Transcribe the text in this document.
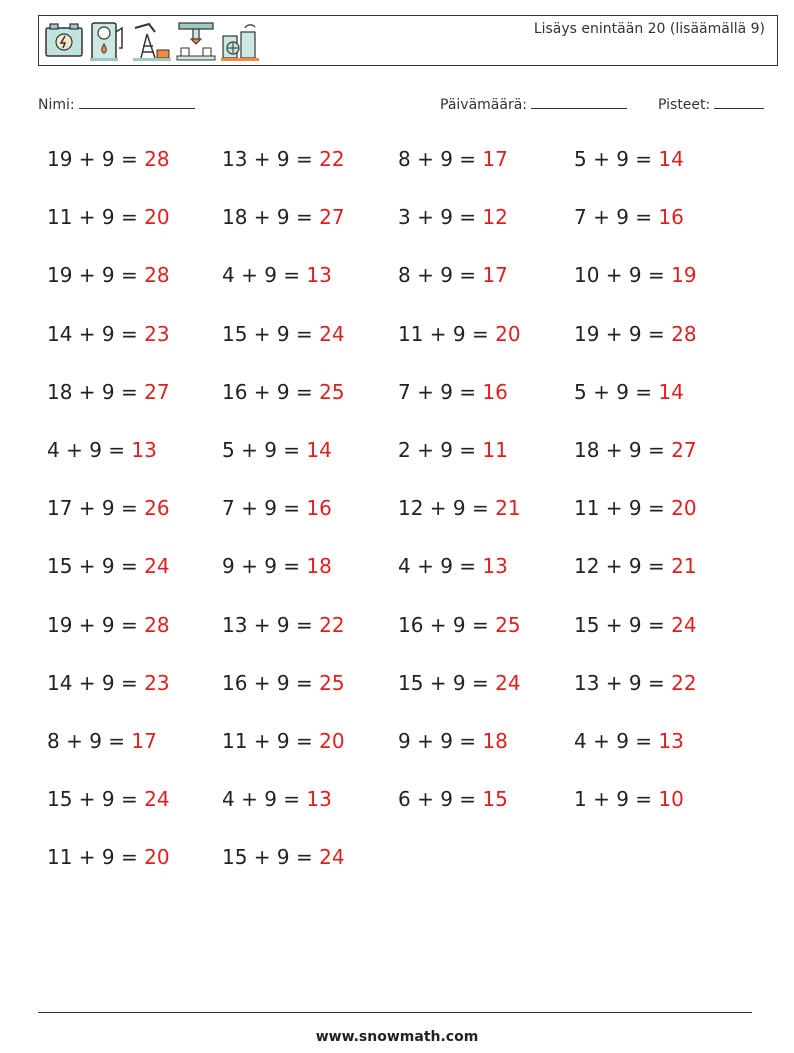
Lisäys enintään 20 (lisäämällä 9)
Nimi:	Päivämäärä:	Pisteet:
19 + 9 = 28	13 + 9 = 22	8 + 9 = 17	5 + 9 = 14
11 + 9 = 20	18 + 9 = 27	3 + 9 = 12	7 + 9 = 16
19 + 9 = 28	4 + 9 = 13	8 + 9 = 17	10 + 9 = 19
14 + 9 = 23	15 + 9 = 24	11 + 9 = 20	19 + 9 = 28
18 + 9 = 27	16 + 9 = 25	7 + 9 = 16	5 + 9 = 14
4 + 9 = 13	5 + 9 = 14	2 + 9 = 11	18 + 9 = 27
17 + 9 = 26	7 + 9 = 16	12 + 9 = 21	11 + 9 = 20
15 + 9 = 24	9 + 9 = 18	4 + 9 = 13	12 + 9 = 21
19 + 9 = 28	13 + 9 = 22	16 + 9 = 25	15 + 9 = 24
14 + 9 = 23	16 + 9 = 25	15 + 9 = 24	13 + 9 = 22
8 + 9 = 17	11 + 9 = 20	9 + 9 = 18	4 + 9 = 13
15 + 9 = 24	4 + 9 = 13	6 + 9 = 15	1 + 9 = 10
11 + 9 = 20	15 + 9 = 24
www.snowmath.com
